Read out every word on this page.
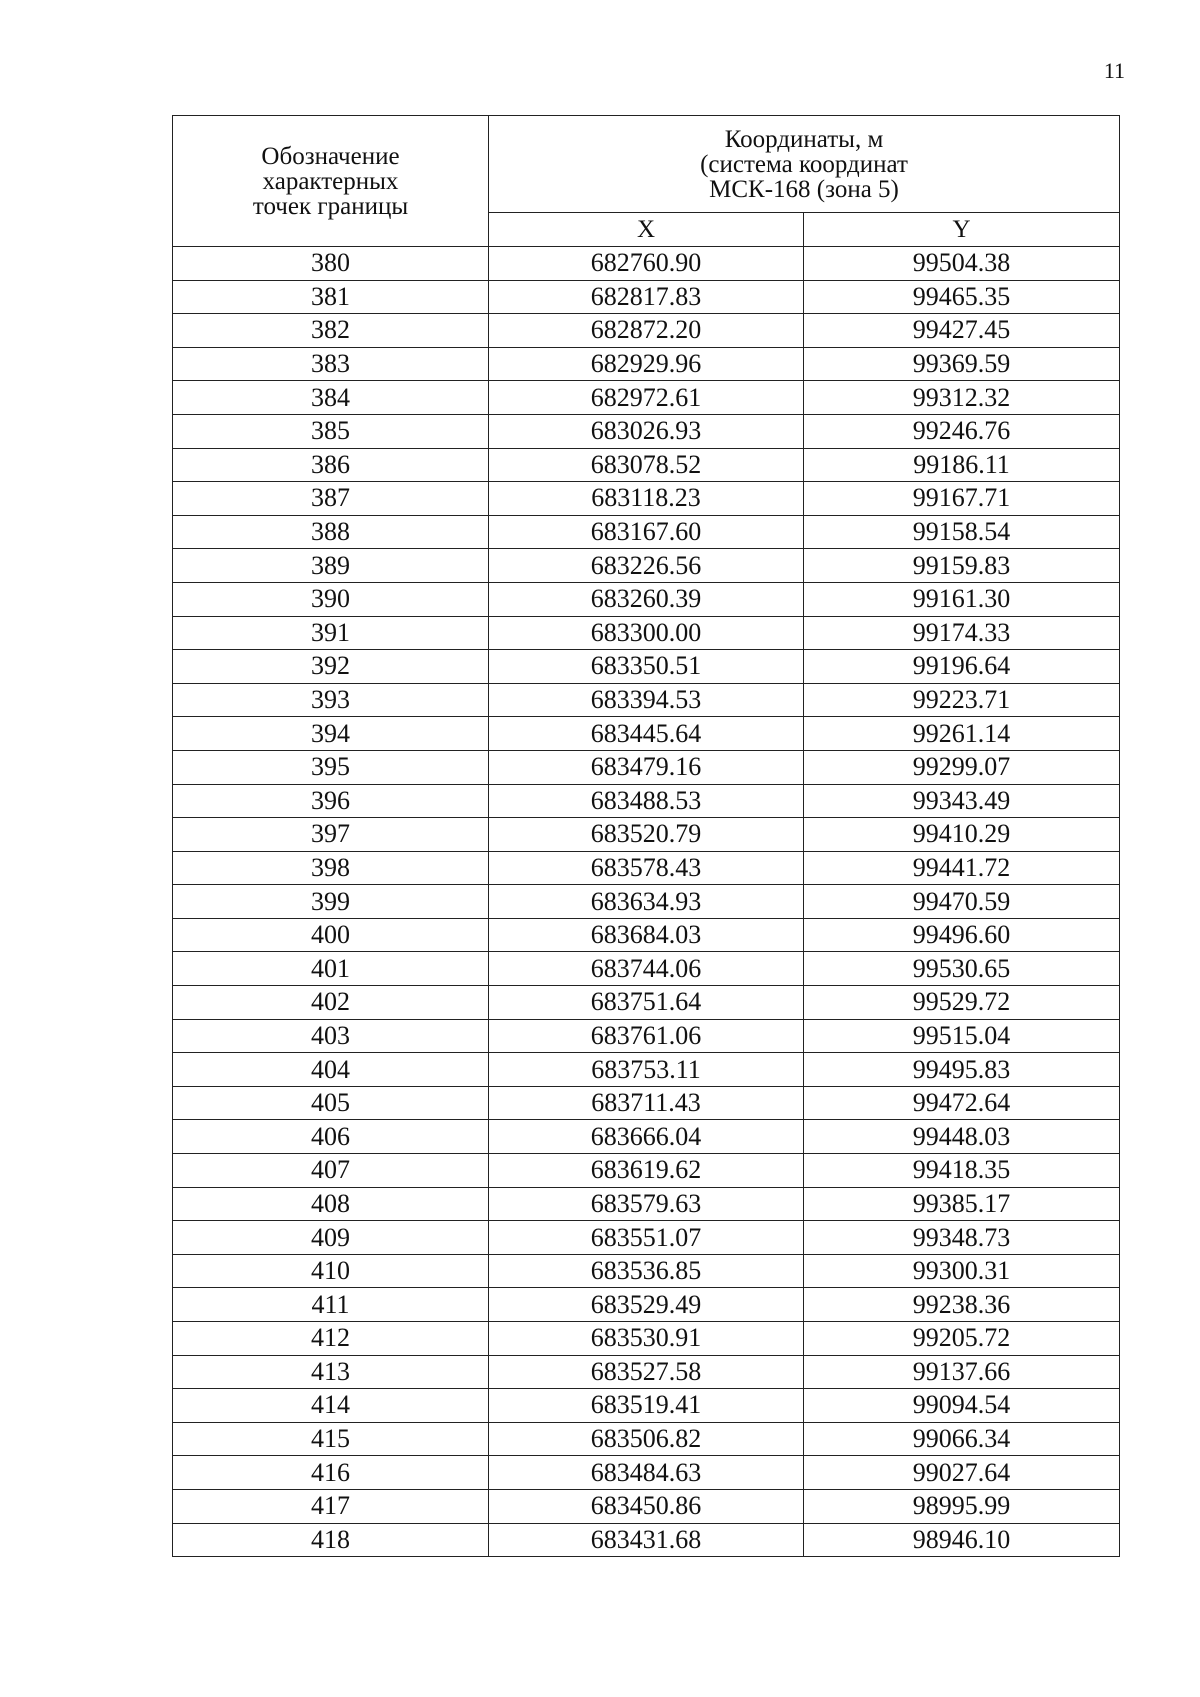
11
Обозначение
характерных
точек границы	Координаты, м
(система координат
МСК-168 (зона 5)	

	X	Y
380	682760.90	99504.38
381	682817.83	99465.35
382	682872.20	99427.45
383	682929.96	99369.59
384	682972.61	99312.32
385	683026.93	99246.76
386	683078.52	99186.11
387	683118.23	99167.71
388	683167.60	99158.54
389	683226.56	99159.83
390	683260.39	99161.30
391	683300.00	99174.33
392	683350.51	99196.64
393	683394.53	99223.71
394	683445.64	99261.14
395	683479.16	99299.07
396	683488.53	99343.49
397	683520.79	99410.29
398	683578.43	99441.72
399	683634.93	99470.59
400	683684.03	99496.60
401	683744.06	99530.65
402	683751.64	99529.72
403	683761.06	99515.04
404	683753.11	99495.83
405	683711.43	99472.64
406	683666.04	99448.03
407	683619.62	99418.35
408	683579.63	99385.17
409	683551.07	99348.73
410	683536.85	99300.31
411	683529.49	99238.36
412	683530.91	99205.72
413	683527.58	99137.66
414	683519.41	99094.54
415	683506.82	99066.34
416	683484.63	99027.64
417	683450.86	98995.99
418	683431.68	98946.10
